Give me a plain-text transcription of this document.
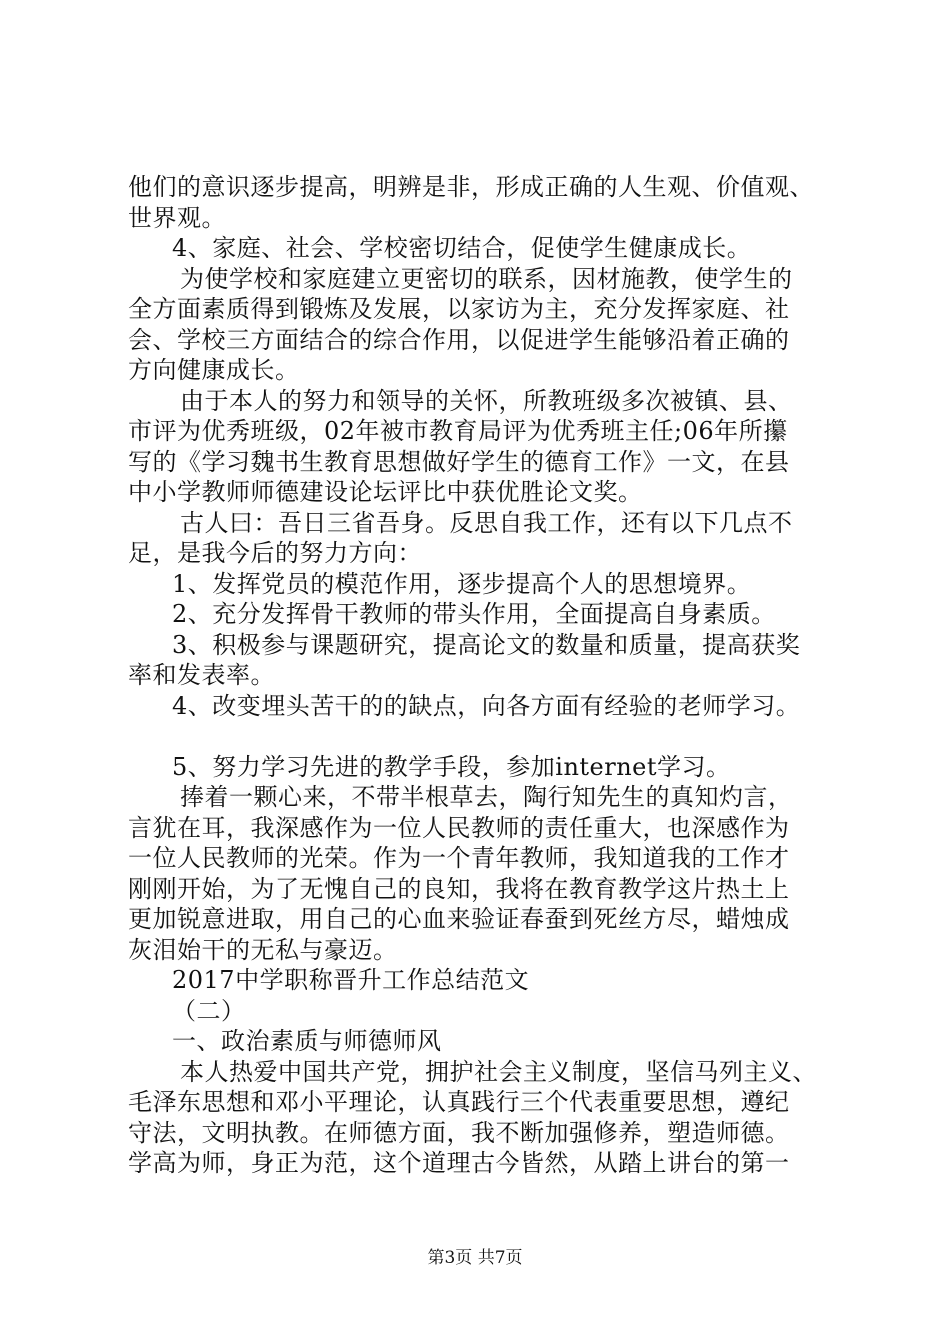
他们的意识逐步提高，明辨是非，形成正确的人生观、价值观、
世界观。
4、家庭、社会、学校密切结合，促使学生健康成长。
为使学校和家庭建立更密切的联系，因材施教，使学生的
全方面素质得到锻炼及发展，以家访为主，充分发挥家庭、社
会、学校三方面结合的综合作用，以促进学生能够沿着正确的
方向健康成长。
由于本人的努力和领导的关怀，所教班级多次被镇、县、
市评为优秀班级，02年被市教育局评为优秀班主任;06年所攥
写的《学习魏书生教育思想做好学生的德育工作》一文，在县
中小学教师师德建设论坛评比中获优胜论文奖。
古人曰：吾日三省吾身。反思自我工作，还有以下几点不
足，是我今后的努力方向：
1、发挥党员的模范作用，逐步提高个人的思想境界。
2、充分发挥骨干教师的带头作用，全面提高自身素质。
3、积极参与课题研究，提高论文的数量和质量，提高获奖
率和发表率。
4、改变埋头苦干的的缺点，向各方面有经验的老师学习。
5、努力学习先进的教学手段，参加internet学习。
捧着一颗心来，不带半根草去，陶行知先生的真知灼言，
言犹在耳，我深感作为一位人民教师的责任重大，也深感作为
一位人民教师的光荣。作为一个青年教师，我知道我的工作才
刚刚开始，为了无愧自己的良知，我将在教育教学这片热土上
更加锐意进取，用自己的心血来验证春蚕到死丝方尽，蜡烛成
灰泪始干的无私与豪迈。
2017中学职称晋升工作总结范文
（二）
一、政治素质与师德师风
本人热爱中国共产党，拥护社会主义制度，坚信马列主义、
毛泽东思想和邓小平理论，认真践行三个代表重要思想，遵纪
守法，文明执教。在师德方面，我不断加强修养，塑造师德。
学高为师，身正为范，这个道理古今皆然，从踏上讲台的第一
第3页 共7页
